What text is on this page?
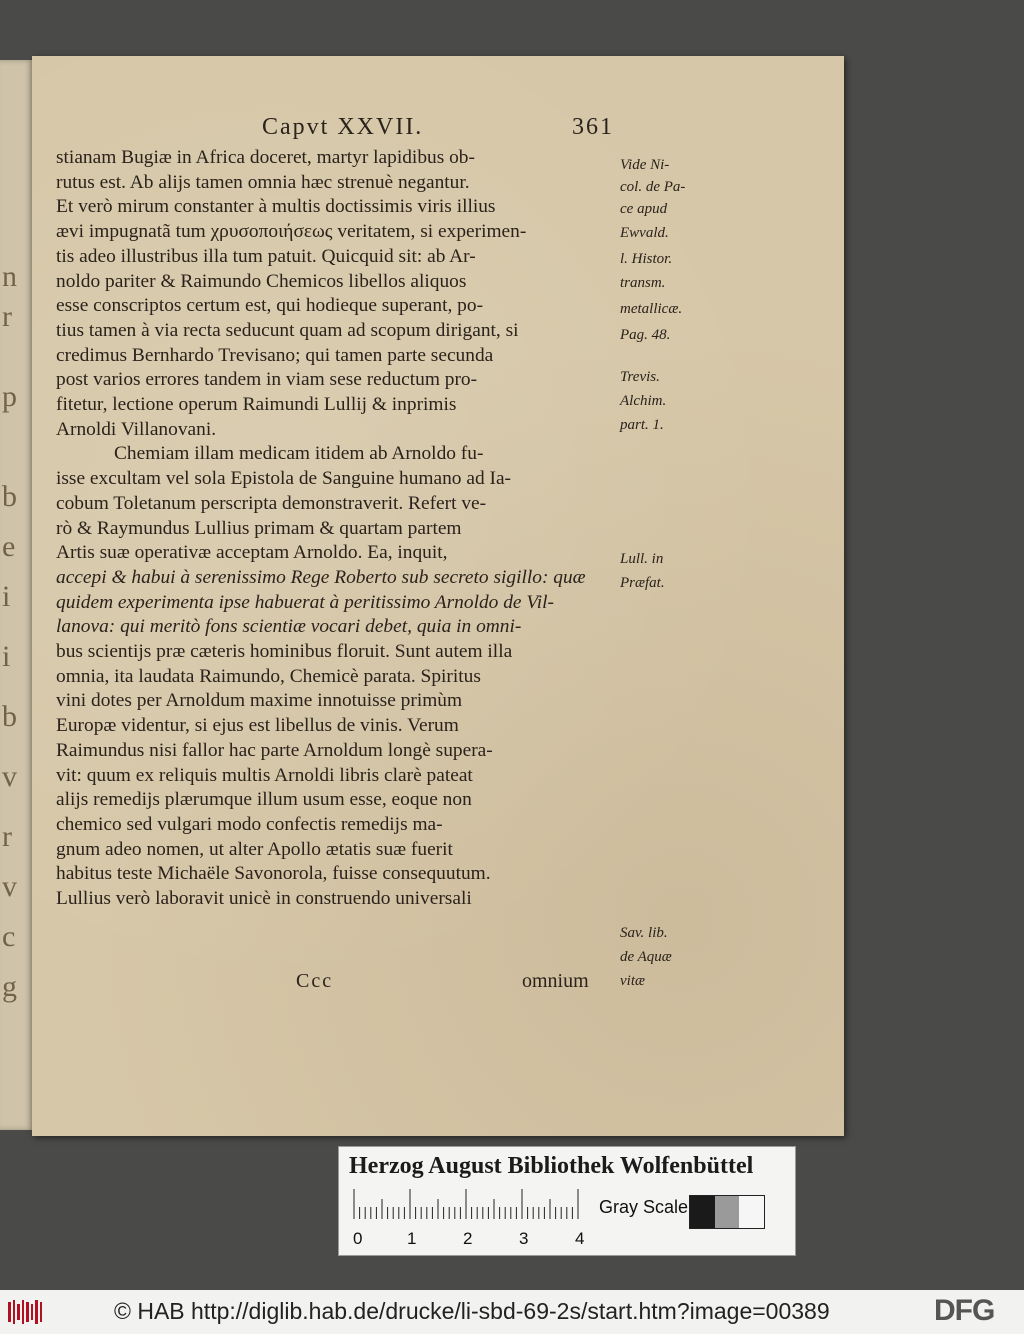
n
r
p
b
e
i
i
b
v
r
v
c
g
Capvt XXVII.	361

stianam Bugiæ in Africa doceret, martyr lapidibus ob-

rutus est. Ab alijs tamen omnia hæc strenuè negantur.

Et verò mirum constanter à multis doctissimis viris illius

ævi impugnatã tum χρυσοποιήσεως veritatem, si experimen-

tis adeo illustribus illa tum patuit. Quicquid sit: ab Ar-

noldo pariter & Raimundo Chemicos libellos aliquos

esse conscriptos certum est, qui hodieque superant, po-

tius tamen à via recta seducunt quam ad scopum dirigant, si

credimus Bernhardo Trevisano; qui tamen parte secunda

post varios errores tandem in viam sese reductum pro-

fitetur, lectione operum Raimundi Lullij & inprimis

Arnoldi Villanovani.

Chemiam illam medicam itidem ab Arnoldo fu-

isse excultam vel sola Epistola de Sanguine humano ad Ia-

cobum Toletanum perscripta demonstraverit. Refert ve-

rò & Raymundus Lullius primam & quartam partem

Artis suæ operativæ acceptam Arnoldo. Ea, inquit,

accepi & habui à serenissimo Rege Roberto sub secreto sigillo: quæ

quidem experimenta ipse habuerat à peritissimo Arnoldo de Vil-

lanova: qui meritò fons scientiæ vocari debet, quia in omni-

bus scientijs præ cæteris hominibus floruit. Sunt autem illa

omnia, ita laudata Raimundo, Chemicè parata. Spiritus

vini dotes per Arnoldum maxime innotuisse primùm

Europæ videntur, si ejus est libellus de vinis. Verum

Raimundus nisi fallor hac parte Arnoldum longè supera-

vit: quum ex reliquis multis Arnoldi libris clarè pateat

alijs remedijs plærumque illum usum esse, eoque non

chemico sed vulgari modo confectis remedijs ma-

gnum adeo nomen, ut alter Apollo ætatis suæ fuerit

habitus teste Michaële Savonorola, fuisse consequutum.

Lullius verò laboravit unicè in construendo universali

Ccc	omnium
Vide Ni-
col. de Pa-
ce apud
Ewvald.
l. Histor.
transm.
metallicæ.
Pag. 48.
Trevis.
Alchim.
part. 1.
Lull. in
Præfat.
Sav. lib.
de Aquæ
vitæ
Herzog August Bibliothek Wolfenbüttel
0	1	2	3	4
Gray Scale
© HAB http://diglib.hab.de/drucke/li-sbd-69-2s/start.htm?image=00389	DFG
